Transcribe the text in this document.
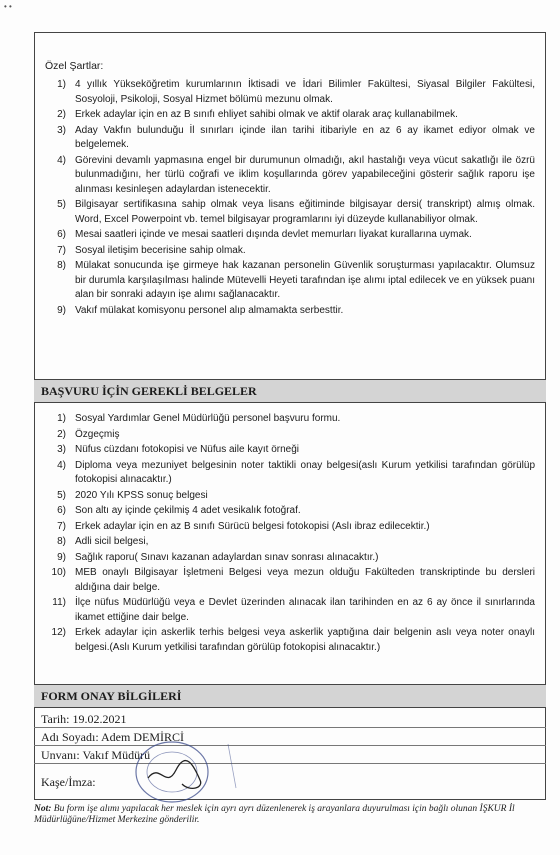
• •
Özel Şartlar:
1) 4 yıllık Yükseköğretim kurumlarının İktisadi ve İdari Bilimler Fakültesi, Siyasal Bilgiler Fakültesi, Sosyoloji, Psikoloji, Sosyal Hizmet bölümü mezunu olmak.
2) Erkek adaylar için en az B sınıfı ehliyet sahibi olmak ve aktif olarak araç kullanabilmek.
3) Aday Vakfın bulunduğu İl sınırları içinde ilan tarihi itibariyle en az 6 ay ikamet ediyor olmak ve belgelemek.
4) Görevini devamlı yapmasına engel bir durumunun olmadığı, akıl hastalığı veya vücut sakatlığı ile özrü bulunmadığını, her türlü coğrafi ve iklim koşullarında görev yapabileceğini gösterir sağlık raporu işe alınması kesinleşen adaylardan istenecektir.
5) Bilgisayar sertifikasına sahip olmak veya lisans eğitiminde bilgisayar dersi( transkript) almış olmak. Word, Excel Powerpoint vb. temel bilgisayar programlarını iyi düzeyde kullanabiliyor olmak.
6) Mesai saatleri içinde ve mesai saatleri dışında devlet memurları liyakat kurallarına uymak.
7) Sosyal iletişim becerisine sahip olmak.
8) Mülakat sonucunda işe girmeye hak kazanan personelin Güvenlik soruşturması yapılacaktır. Olumsuz bir durumla karşılaşılması halinde Mütevelli Heyeti tarafından işe alımı iptal edilecek ve en yüksek puanı alan bir sonraki adayın işe alımı sağlanacaktır.
9) Vakıf mülakat komisyonu personel alıp almamakta serbesttir.
BAŞVURU İÇİN GEREKLİ BELGELER
1) Sosyal Yardımlar Genel Müdürlüğü personel başvuru formu.
2) Özgeçmiş
3) Nüfus cüzdanı fotokopisi ve Nüfus aile kayıt örneği
4) Diploma veya mezuniyet belgesinin noter taktikli onay belgesi(aslı Kurum yetkilisi tarafından görülüp fotokopisi alınacaktır.)
5) 2020 Yılı KPSS sonuç belgesi
6) Son altı ay içinde çekilmiş 4 adet vesikalık fotoğraf.
7) Erkek adaylar için en az B sınıfı Sürücü belgesi fotokopisi (Aslı ibraz edilecektir.)
8) Adli sicil belgesi,
9) Sağlık raporu( Sınavı kazanan adaylardan sınav sonrası alınacaktır.)
10) MEB onaylı Bilgisayar İşletmeni Belgesi veya mezun olduğu Fakülteden transkriptinde bu dersleri aldığına dair belge.
11) İlçe nüfus Müdürlüğü veya e Devlet üzerinden alınacak ilan tarihinden en az 6 ay önce il sınırlarında ikamet ettiğine dair belge.
12) Erkek adaylar için askerlik terhis belgesi veya askerlik yaptığına dair belgenin aslı veya noter onaylı belgesi.(Aslı Kurum yetkilisi tarafından görülüp fotokopisi alınacaktır.)
FORM ONAY BİLGİLERİ
Tarih: 19.02.2021
Adı Soyadı: Adem DEMİRCİ
Unvanı: Vakıf Müdürü
Kaşe/İmza:
Not: Bu form işe alımı yapılacak her meslek için ayrı ayrı düzenlenerek iş arayanlara duyurulması için bağlı olunan İŞKUR İl Müdürlüğüne/Hizmet Merkezine gönderilir.
